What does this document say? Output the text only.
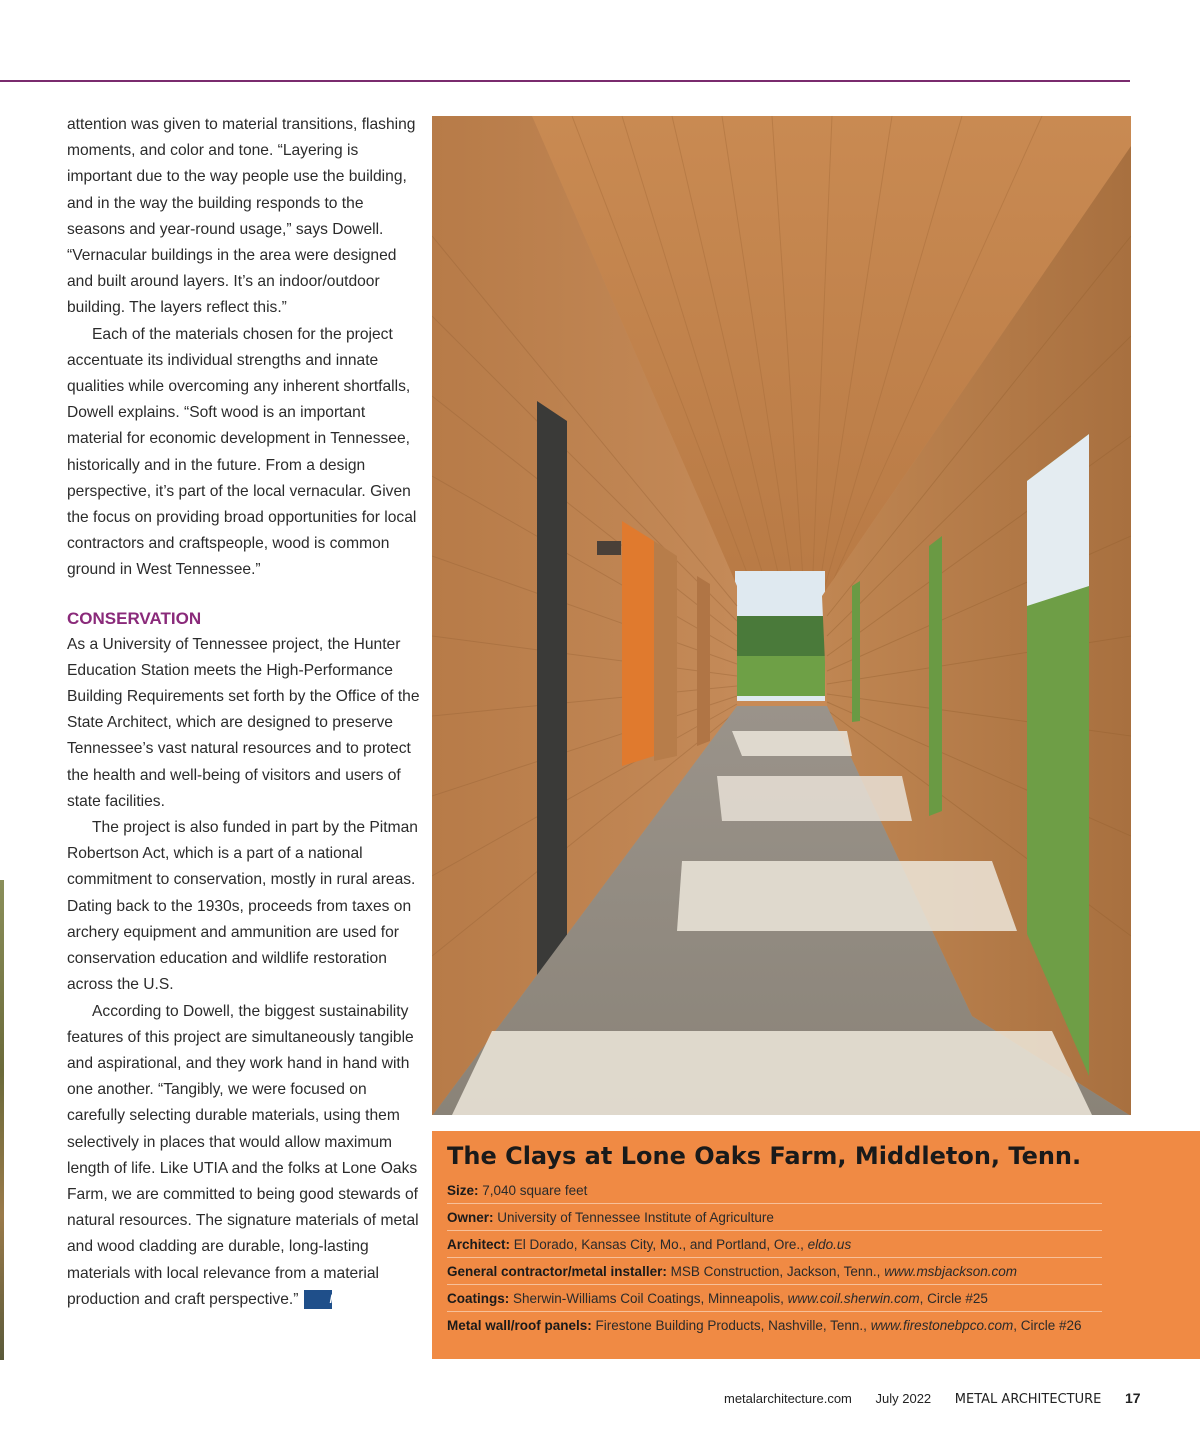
attention was given to material transitions, flashing moments, and color and tone. “Layering is important due to the way people use the building, and in the way the building responds to the seasons and year-round usage,” says Dowell. “Vernacular buildings in the area were designed and built around layers. It’s an indoor/outdoor building. The layers reflect this.”

Each of the materials chosen for the project accentuate its individual strengths and innate qualities while overcoming any inherent shortfalls, Dowell explains. “Soft wood is an important material for economic development in Tennessee, historically and in the future. From a design perspective, it’s part of the local vernacular. Given the focus on providing broad opportunities for local contractors and craftspeople, wood is common ground in West Tennessee.”

CONSERVATION

As a University of Tennessee project, the Hunter Education Station meets the High-Performance Building Requirements set forth by the Office of the State Architect, which are designed to preserve Tennessee’s vast natural resources and to protect the health and well-being of visitors and users of state facilities.

The project is also funded in part by the Pitman Robertson Act, which is a part of a national commitment to conservation, mostly in rural areas. Dating back to the 1930s, proceeds from taxes on archery equipment and ammunition are used for conservation education and wildlife restoration across the U.S.

According to Dowell, the biggest sustainability features of this project are simultaneously tangible and aspirational, and they work hand in hand with one another. “Tangibly, we were focused on carefully selecting durable materials, using them selectively in places that would allow maximum length of life. Like UTIA and the folks at Lone Oaks Farm, we are committed to being good stewards of natural resources. The signature materials of metal and wood cladding are durable, long-lasting materials with local relevance from a material production and craft perspective.”	Ma

The Clays at Lone Oaks Farm, Middleton, Tenn.
Size: 7,040 square feet
Owner: University of Tennessee Institute of Agriculture
Architect: El Dorado, Kansas City, Mo., and Portland, Ore., eldo.us
General contractor/metal installer: MSB Construction, Jackson, Tenn., www.msbjackson.com
Coatings: Sherwin-Williams Coil Coatings, Minneapolis, www.coil.sherwin.com, Circle #25
Metal wall/roof panels: Firestone Building Products, Nashville, Tenn., www.firestonebpco.com, Circle #26
metalarchitecture.com July 2022 METAL ARCHITECTURE 17
